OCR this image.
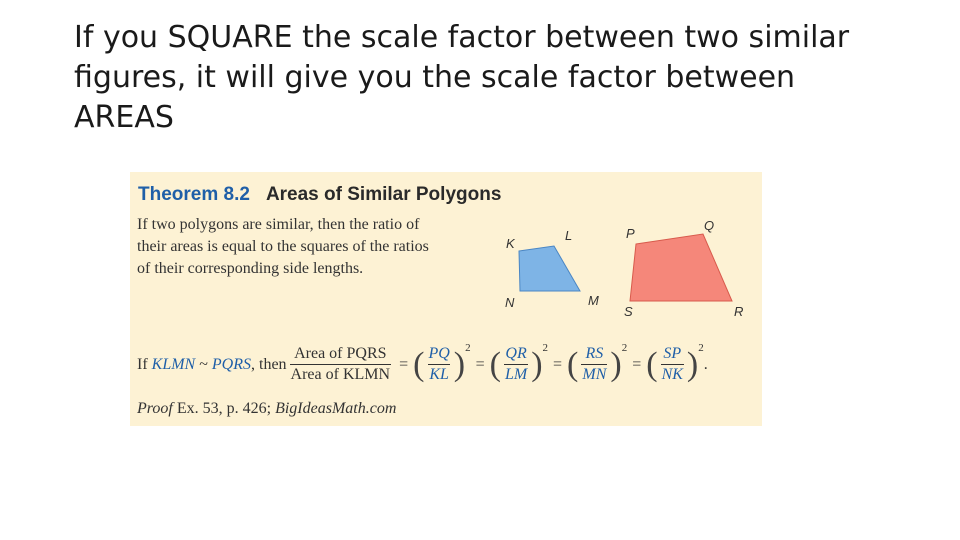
If you SQUARE the scale factor between two similar figures, it will give you the scale factor between AREAS
Theorem 8.2 Areas of Similar Polygons
If two polygons are similar, then the ratio of
their areas is equal to the squares of the ratios
of their corresponding side lengths.
K
L
M
N
P
Q
R
S
If
KLMN
~
PQRS , then $\frac{\text{Area of PQRS}}{\text{Area of KLMN}}$ = ( $\frac{PQ}{KL}$ ) 2
= ( $\frac{QR}{LM}$ ) 2
= ( $\frac{RS}{MN}$ ) 2
= ( $\frac{SP}{NK}$ ) 2
.
Proof Ex. 53, p. 426; BigIdeasMath.com
